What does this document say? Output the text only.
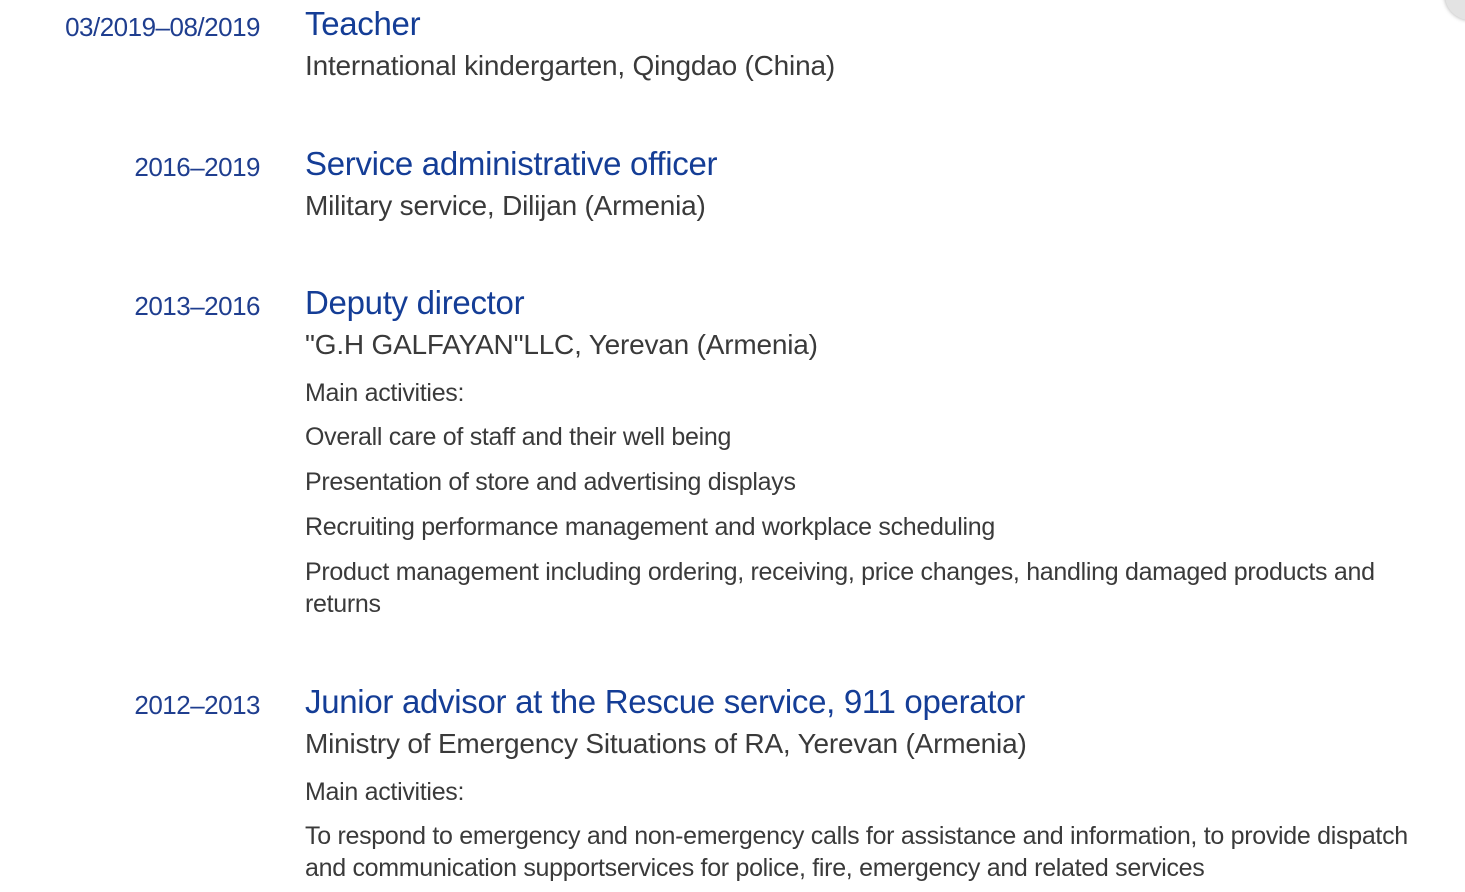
03/2019–08/2019 Teacher
International kindergarten, Qingdao (China)
2016–2019 Service administrative officer
Military service, Dilijan (Armenia)
2013–2016 Deputy director
"G.H GALFAYAN"LLC, Yerevan (Armenia)
Main activities:
Overall care of staff and their well being
Presentation of store and advertising displays
Recruiting performance management and workplace scheduling
Product management including ordering, receiving, price changes, handling damaged products and returns
2012–2013 Junior advisor at the Rescue service, 911 operator
Ministry of Emergency Situations of RA, Yerevan (Armenia)
Main activities:
To respond to emergency and non-emergency calls for assistance and information, to provide dispatch and communication supportservices for police, fire, emergency and related services
